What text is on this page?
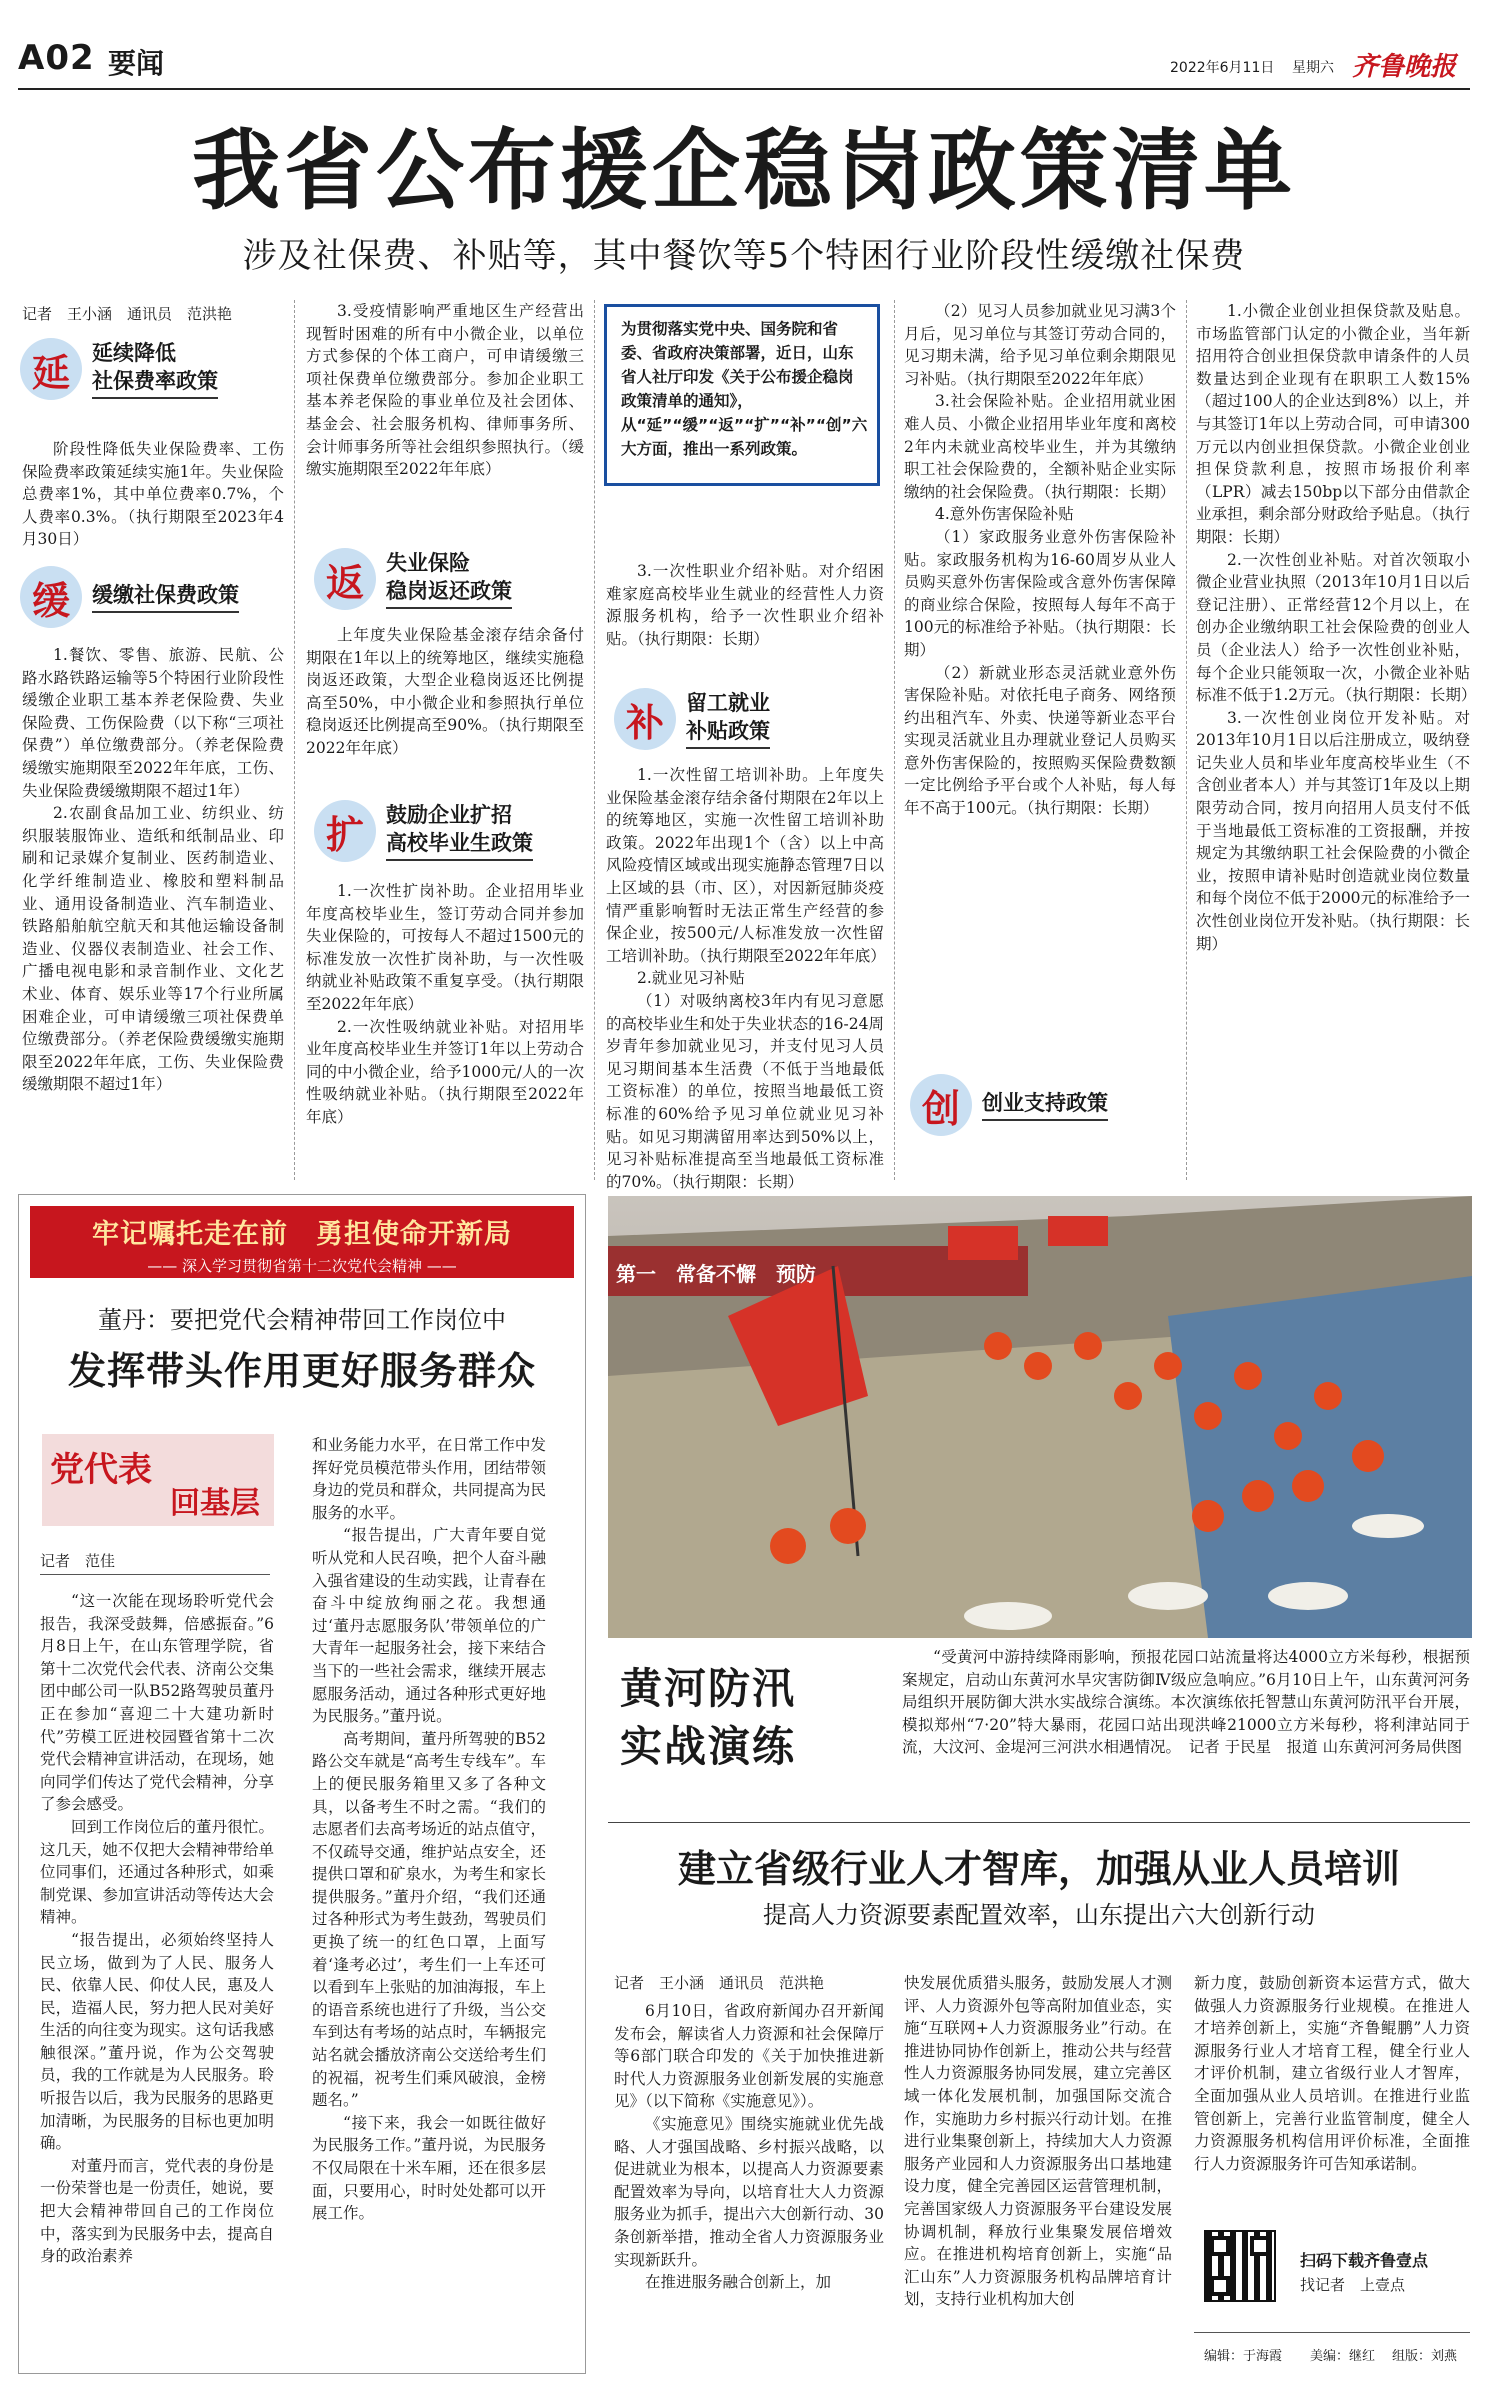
A02 要闻	2022年6月11日 星期六 齐鲁晚报
我省公布援企稳岗政策清单
涉及社保费、补贴等，其中餐饮等5个特困行业阶段性缓缴社保费
记者　王小涵　通讯员　范洪艳
延	延续降低
社保费率政策

阶段性降低失业保险费率、工伤保险费率政策延续实施1年。失业保险总费率1%，其中单位费率0.7%，个人费率0.3%。（执行期限至2023年4月30日）

缓	缓缴社保费政策

1.餐饮、零售、旅游、民航、公路水路铁路运输等5个特困行业阶段性缓缴企业职工基本养老保险费、失业保险费、工伤保险费（以下称“三项社保费”）单位缴费部分。（养老保险费缓缴实施期限至2022年年底，工伤、失业保险费缓缴期限不超过1年）

2.农副食品加工业、纺织业、纺织服装服饰业、造纸和纸制品业、印刷和记录媒介复制业、医药制造业、化学纤维制造业、橡胶和塑料制品业、通用设备制造业、汽车制造业、铁路船舶航空航天和其他运输设备制造业、仪器仪表制造业、社会工作、广播电视电影和录音制作业、文化艺术业、体育、娱乐业等17个行业所属困难企业，可申请缓缴三项社保费单位缴费部分。（养老保险费缓缴实施期限至2022年年底，工伤、失业保险费缓缴期限不超过1年）

3.受疫情影响严重地区生产经营出现暂时困难的所有中小微企业，以单位方式参保的个体工商户，可申请缓缴三项社保费单位缴费部分。参加企业职工基本养老保险的事业单位及社会团体、基金会、社会服务机构、律师事务所、会计师事务所等社会组织参照执行。（缓缴实施期限至2022年年底）

返	失业保险
稳岗返还政策

上年度失业保险基金滚存结余备付期限在1年以上的统筹地区，继续实施稳岗返还政策，大型企业稳岗返还比例提高至50%，中小微企业和参照执行单位稳岗返还比例提高至90%。（执行期限至2022年年底）

扩	鼓励企业扩招
高校毕业生政策

1.一次性扩岗补助。企业招用毕业年度高校毕业生，签订劳动合同并参加失业保险的，可按每人不超过1500元的标准发放一次性扩岗补助，与一次性吸纳就业补贴政策不重复享受。（执行期限至2022年年底）

2.一次性吸纳就业补贴。对招用毕业年度高校毕业生并签订1年以上劳动合同的中小微企业，给予1000元/人的一次性吸纳就业补贴。（执行期限至2022年年底）

为贯彻落实党中央、国务院和省委、省政府决策部署，近日，山东省人社厅印发《关于公布援企稳岗政策清单的通知》，从“延”“缓”“返”“扩”“补”“创”六大方面，推出一系列政策。

3.一次性职业介绍补贴。对介绍困难家庭高校毕业生就业的经营性人力资源服务机构，给予一次性职业介绍补贴。（执行期限：长期）

补	留工就业
补贴政策

1.一次性留工培训补助。上年度失业保险基金滚存结余备付期限在2年以上的统筹地区，实施一次性留工培训补助政策。2022年出现1个（含）以上中高风险疫情区域或出现实施静态管理7日以上区域的县（市、区），对因新冠肺炎疫情严重影响暂时无法正常生产经营的参保企业，按500元/人标准发放一次性留工培训补助。（执行期限至2022年年底）

2.就业见习补贴

（1）对吸纳离校3年内有见习意愿的高校毕业生和处于失业状态的16-24周岁青年参加就业见习，并支付见习人员见习期间基本生活费（不低于当地最低工资标准）的单位，按照当地最低工资标准的60%给予见习单位就业见习补贴。如见习期满留用率达到50%以上，见习补贴标准提高至当地最低工资标准的70%。（执行期限：长期）

（2）见习人员参加就业见习满3个月后，见习单位与其签订劳动合同的，见习期未满，给予见习单位剩余期限见习补贴。（执行期限至2022年年底）

3.社会保险补贴。企业招用就业困难人员、小微企业招用毕业年度和离校2年内未就业高校毕业生，并为其缴纳职工社会保险费的，全额补贴企业实际缴纳的社会保险费。（执行期限：长期）

4.意外伤害保险补贴

（1）家政服务业意外伤害保险补贴。家政服务机构为16-60周岁从业人员购买意外伤害保险或含意外伤害保障的商业综合保险，按照每人每年不高于100元的标准给予补贴。（执行期限：长期）

（2）新就业形态灵活就业意外伤害保险补贴。对依托电子商务、网络预约出租汽车、外卖、快递等新业态平台实现灵活就业且办理就业登记人员购买意外伤害保险的，按照购买保险费数额一定比例给予平台或个人补贴，每人每年不高于100元。（执行期限：长期）

创	创业支持政策

1.小微企业创业担保贷款及贴息。市场监管部门认定的小微企业，当年新招用符合创业担保贷款申请条件的人员数量达到企业现有在职职工人数15%（超过100人的企业达到8%）以上，并与其签订1年以上劳动合同，可申请300万元以内创业担保贷款。小微企业创业担保贷款利息，按照市场报价利率（LPR）减去150bp以下部分由借款企业承担，剩余部分财政给予贴息。（执行期限：长期）

2.一次性创业补贴。对首次领取小微企业营业执照（2013年10月1日以后登记注册）、正常经营12个月以上，在创办企业缴纳职工社会保险费的创业人员（企业法人）给予一次性创业补贴，每个企业只能领取一次，小微企业补贴标准不低于1.2万元。（执行期限：长期）

3.一次性创业岗位开发补贴。对2013年10月1日以后注册成立，吸纳登记失业人员和毕业年度高校毕业生（不含创业者本人）并与其签订1年及以上期限劳动合同，按月向招用人员支付不低于当地最低工资标准的工资报酬，并按规定为其缴纳职工社会保险费的小微企业，按照申请补贴时创造就业岗位数量和每个岗位不低于2000元的标准给予一次性创业岗位开发补贴。（执行期限：长期）

牢记嘱托走在前　勇担使命开新局
—— 深入学习贯彻省第十二次党代会精神 ——
董丹：要把党代会精神带回工作岗位中
发挥带头作用更好服务群众
党代表
回基层
记者　范佳

“这一次能在现场聆听党代会报告，我深受鼓舞，倍感振奋。”6月8日上午，在山东管理学院，省第十二次党代会代表、济南公交集团中邮公司一队B52路驾驶员董丹正在参加“喜迎二十大建功新时代”劳模工匠进校园暨省第十二次党代会精神宣讲活动，在现场，她向同学们传达了党代会精神，分享了参会感受。

回到工作岗位后的董丹很忙。这几天，她不仅把大会精神带给单位同事们，还通过各种形式，如乘制党课、参加宣讲活动等传达大会精神。

“报告提出，必须始终坚持人民立场，做到为了人民、服务人民、依靠人民、仰仗人民，惠及人民，造福人民，努力把人民对美好生活的向往变为现实。这句话我感触很深。”董丹说，作为公交驾驶员，我的工作就是为人民服务。聆听报告以后，我为民服务的思路更加清晰，为民服务的目标也更加明确。

对董丹而言，党代表的身份是一份荣誉也是一份责任，她说，要把大会精神带回自己的工作岗位中，落实到为民服务中去，提高自身的政治素养

和业务能力水平，在日常工作中发挥好党员模范带头作用，团结带领身边的党员和群众，共同提高为民服务的水平。

“报告提出，广大青年要自觉听从党和人民召唤，把个人奋斗融入强省建设的生动实践，让青春在奋斗中绽放绚丽之花。我想通过‘董丹志愿服务队’带领单位的广大青年一起服务社会，接下来结合当下的一些社会需求，继续开展志愿服务活动，通过各种形式更好地为民服务。”董丹说。

高考期间，董丹所驾驶的B52路公交车就是“高考生专线车”。车上的便民服务箱里又多了各种文具，以备考生不时之需。“我们的志愿者们去高考场近的站点值守，不仅疏导交通，维护站点安全，还提供口罩和矿泉水，为考生和家长提供服务。”董丹介绍，“我们还通过各种形式为考生鼓劲，驾驶员们更换了统一的红色口罩，上面写着‘逢考必过’，考生们一上车还可以看到车上张贴的加油海报，车上的语音系统也进行了升级，当公交车到达有考场的站点时，车辆报完站名就会播放济南公交送给考生们的祝福，祝考生们乘风破浪，金榜题名。”

“接下来，我会一如既往做好为民服务工作。”董丹说，为民服务不仅局限在十米车厢，还在很多层面，只要用心，时时处处都可以开展工作。

第一　常备不懈　预防
黄河防汛
实战演练

“受黄河中游持续降雨影响，预报花园口站流量将达4000立方米每秒，根据预案规定，启动山东黄河水旱灾害防御Ⅳ级应急响应。”6月10日上午，山东黄河河务局组织开展防御大洪水实战综合演练。本次演练依托智慧山东黄河防汛平台开展，模拟郑州“7·20”特大暴雨，花园口站出现洪峰21000立方米每秒，将利津站同于流，大汶河、金堤河三河洪水相遇情况。　记者 于民星　报道 山东黄河河务局供图

建立省级行业人才智库，加强从业人员培训
提高人力资源要素配置效率，山东提出六大创新行动
记者　王小涵　通讯员　范洪艳

6月10日，省政府新闻办召开新闻发布会，解读省人力资源和社会保障厅等6部门联合印发的《关于加快推进新时代人力资源服务业创新发展的实施意见》（以下简称《实施意见》）。

《实施意见》围绕实施就业优先战略、人才强国战略、乡村振兴战略，以促进就业为根本，以提高人力资源要素配置效率为导向，以培育壮大人力资源服务业为抓手，提出六大创新行动、30条创新举措，推动全省人力资源服务业实现新跃升。

在推进服务融合创新上，加

快发展优质猎头服务，鼓励发展人才测评、人力资源外包等高附加值业态，实施“互联网+人力资源服务业”行动。在推进协同协作创新上，推动公共与经营性人力资源服务协同发展，建立完善区域一体化发展机制，加强国际交流合作，实施助力乡村振兴行动计划。在推进行业集聚创新上，持续加大人力资源服务产业园和人力资源服务出口基地建设力度，健全完善园区运营管理机制，完善国家级人力资源服务平台建设发展协调机制，释放行业集聚发展倍增效应。在推进机构培育创新上，实施“品汇山东”人力资源服务机构品牌培育计划，支持行业机构加大创

新力度，鼓励创新资本运营方式，做大做强人力资源服务行业规模。在推进人才培养创新上，实施“齐鲁鲲鹏”人力资源服务行业人才培育工程，健全行业人才评价机制，建立省级行业人才智库，全面加强从业人员培训。在推进行业监管创新上，完善行业监管制度，健全人力资源服务机构信用评价标准，全面推行人力资源服务许可告知承诺制。

扫码下载齐鲁壹点
找记者　上壹点
编辑：于海霞 美编：继红 组版：刘燕
